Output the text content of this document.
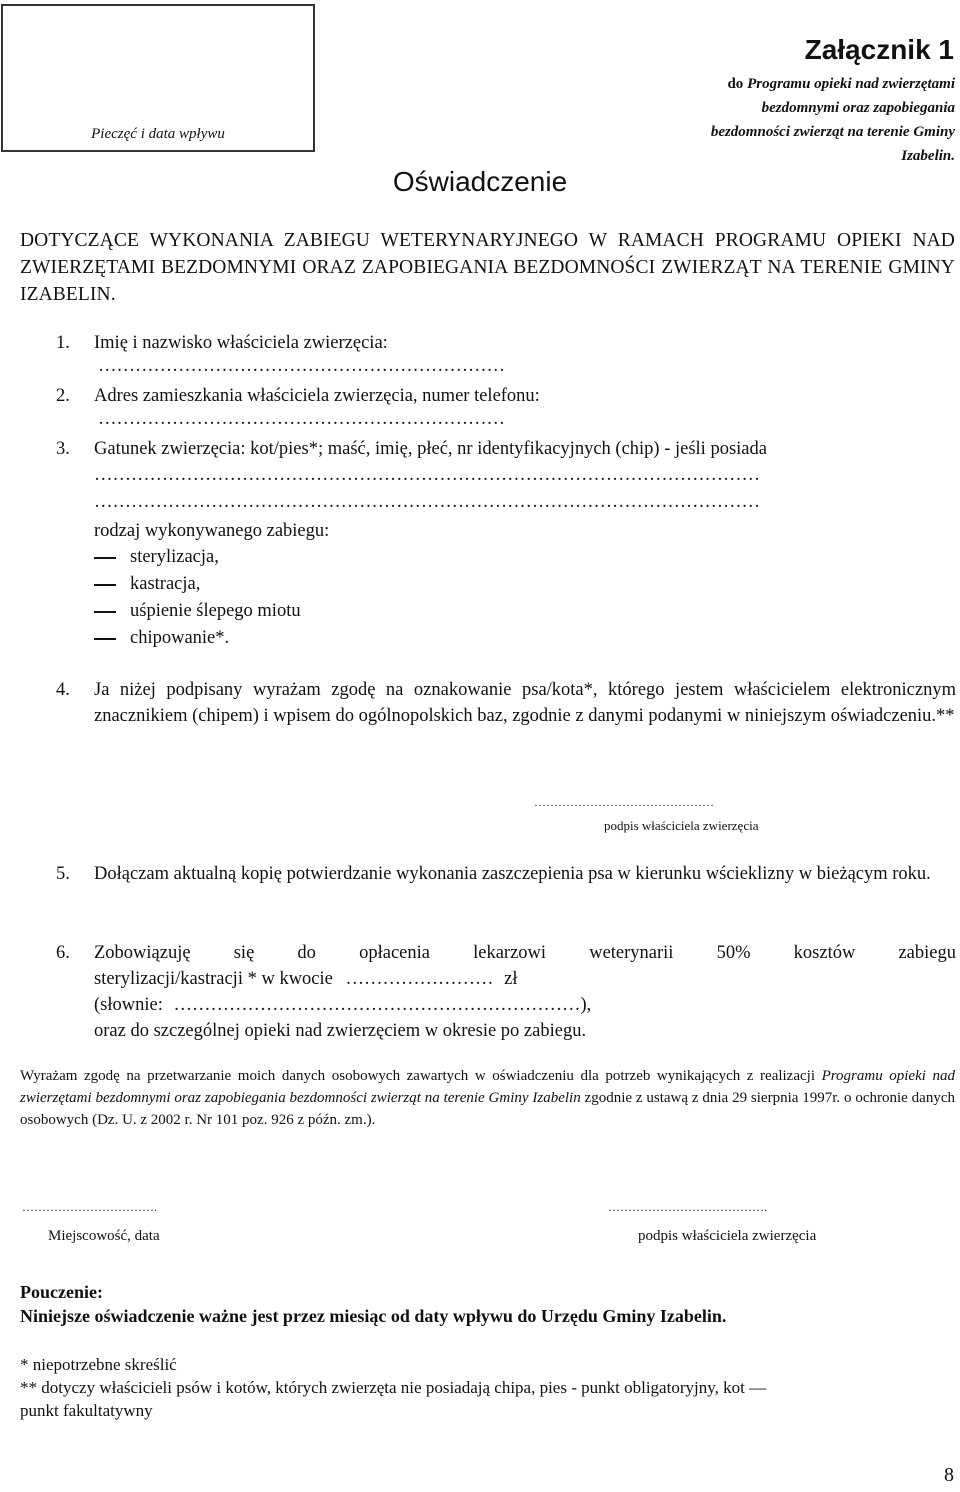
Pieczęć i data wpływu
Załącznik 1
do Programu opieki nad zwierzętami
bezdomnymi oraz zapobiegania
bezdomności zwierząt na terenie Gminy
Izabelin.
Oświadczenie
DOTYCZĄCE WYKONANIA ZABIEGU WETERYNARYJNEGO W RAMACH PROGRAMU OPIEKI NAD ZWIERZĘTAMI BEZDOMNYMI ORAZ ZAPOBIEGANIA BEZDOMNOŚCI ZWIERZĄT NA TERENIE GMINY IZABELIN.
1. Imię i nazwisko właściciela zwierzęcia:
…………………………………………………………
2. Adres zamieszkania właściciela zwierzęcia, numer telefonu:
…………………………………………………………
3. Gatunek zwierzęcia: kot/pies*; maść, imię, płeć, nr identyfikacyjnych (chip) - jeśli posiada
………………………………………………………………………………………………
………………………………………………………………………………………………
rodzaj wykonywanego zabiegu:
sterylizacja,
kastracja,
uśpienie ślepego miotu
chipowanie*.
4. Ja niżej podpisany wyrażam zgodę na oznakowanie psa/kota*, którego jestem właścicielem elektronicznym znacznikiem (chipem) i wpisem do ogólnopolskich baz, zgodnie z danymi podanymi w niniejszym oświadczeniu.**
………………………………………
podpis właściciela zwierzęcia
5. Dołączam aktualną kopię potwierdzanie wykonania zaszczepienia psa w kierunku wścieklizny w bieżącym roku.
6. Zobowiązuję się do opłacenia lekarzowi weterynarii 50% kosztów zabiegu
sterylizacji/kastracji * w kwocie …………………… zł
(słownie: …………………………………………………………),
oraz do szczególnej opieki nad zwierzęciem w okresie po zabiegu.
Wyrażam zgodę na przetwarzanie moich danych osobowych zawartych w oświadczeniu dla potrzeb wynikających z realizacji Programu opieki nad zwierzętami bezdomnymi oraz zapobiegania bezdomności zwierząt na terenie Gminy Izabelin zgodnie z ustawą z dnia 29 sierpnia 1997r. o ochronie danych osobowych (Dz. U. z 2002 r. Nr 101 poz. 926 z późn. zm.).
…………………………….
Miejscowość, data
………………………………….
podpis właściciela zwierzęcia
Pouczenie:
Niniejsze oświadczenie ważne jest przez miesiąc od daty wpływu do Urzędu Gminy Izabelin.
* niepotrzebne skreślić
** dotyczy właścicieli psów i kotów, których zwierzęta nie posiadają chipa, pies - punkt obligatoryjny, kot —
punkt fakultatywny
8
